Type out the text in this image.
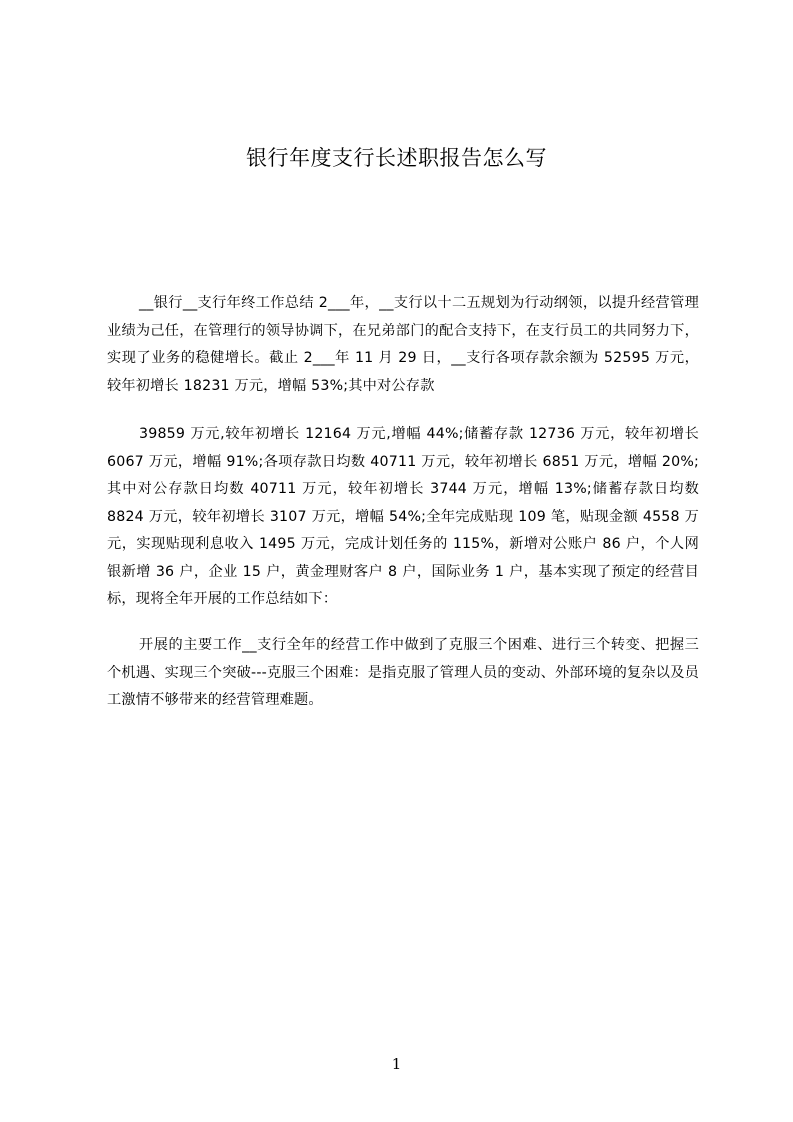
银行年度支行长述职报告怎么写

__银行__支行年终工作总结 2___年，__支行以十二五规划为行动纲领，以提升经营管理业绩为己任，在管理行的领导协调下，在兄弟部门的配合支持下，在支行员工的共同努力下，实现了业务的稳健增长。截止 2___年 11 月 29 日，__支行各项存款余额为 52595 万元，较年初增长 18231 万元，增幅 53%;其中对公存款

39859 万元,较年初增长 12164 万元,增幅 44%;储蓄存款 12736 万元，较年初增长 6067 万元，增幅 91%;各项存款日均数 40711 万元，较年初增长 6851 万元，增幅 20%;其中对公存款日均数 40711 万元，较年初增长 3744 万元，增幅 13%;储蓄存款日均数 8824 万元，较年初增长 3107 万元，增幅 54%;全年完成贴现 109 笔，贴现金额 4558 万元，实现贴现利息收入 1495 万元，完成计划任务的 115%，新增对公账户 86 户，个人网银新增 36 户，企业 15 户，黄金理财客户 8 户，国际业务 1 户，基本实现了预定的经营目标，现将全年开展的工作总结如下：

开展的主要工作__支行全年的经营工作中做到了克服三个困难、进行三个转变、把握三个机遇、实现三个突破---克服三个困难：是指克服了管理人员的变动、外部环境的复杂以及员工激情不够带来的经营管理难题。

1
